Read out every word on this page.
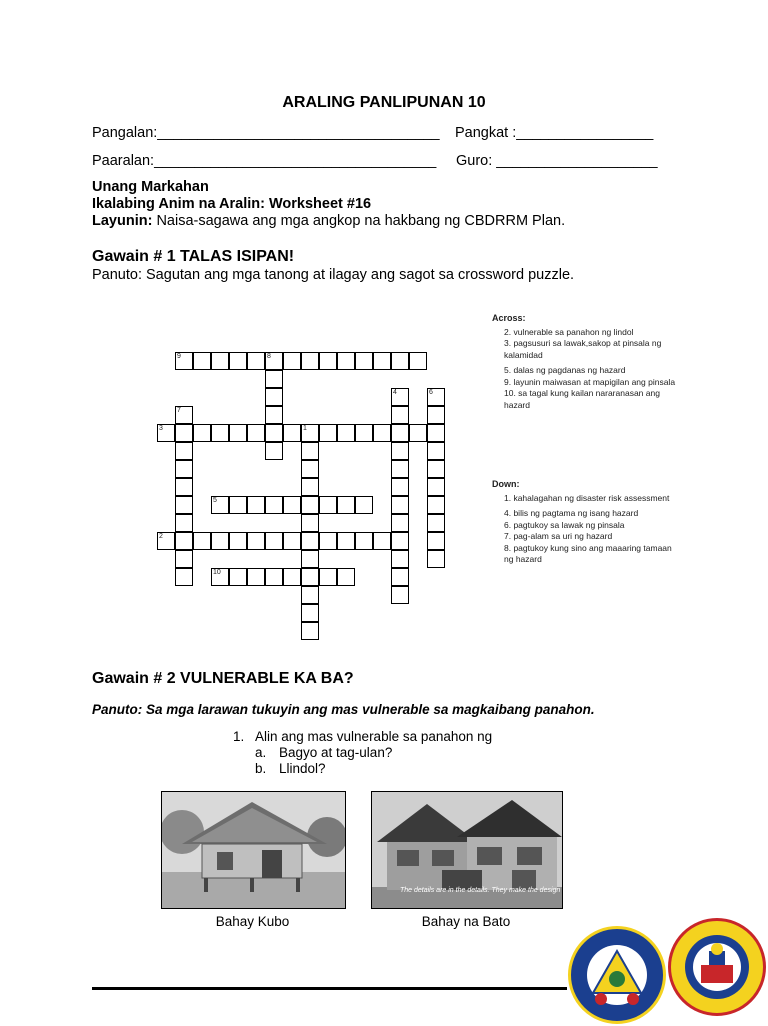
ARALING PANLIPUNAN 10
Pangalan:___________________________________ Pangkat :_________________
Paaralan:___________________________________ Guro: ____________________
Unang Markahan
Ikalabing Anim na Aralin: Worksheet #16
Layunin: Naisa-sagawa ang mga angkop na hakbang ng CBDRRM Plan.
Gawain # 1 TALAS ISIPAN!
Panuto: Sagutan ang mga tanong at ilagay ang sagot sa crossword puzzle.
9	8
4	6
7
3	1
5
2
10
Across:
2. vulnerable sa panahon ng lindol
3. pagsusuri sa lawak,sakop at pinsala ng kalamidad
5. dalas ng pagdanas ng hazard
9. layunin maiwasan at mapigilan ang pinsala
10. sa tagal kung kailan nararanasan ang hazard
Down:
1. kahalagahan ng disaster risk assessment
4. bilis ng pagtama ng isang hazard
6. pagtukoy sa lawak ng pinsala
7. pag-alam sa uri ng hazard
8. pagtukoy kung sino ang maaaring tamaan ng hazard
Gawain # 2 VULNERABLE KA BA?
Panuto: Sa mga larawan tukuyin ang mas vulnerable sa magkaibang panahon.
1. Alin ang mas vulnerable sa panahon ng
a. Bagyo at tag-ulan?
b. Llindol?
Bahay Kubo
The details are in the details. They make the design
Bahay na Bato
